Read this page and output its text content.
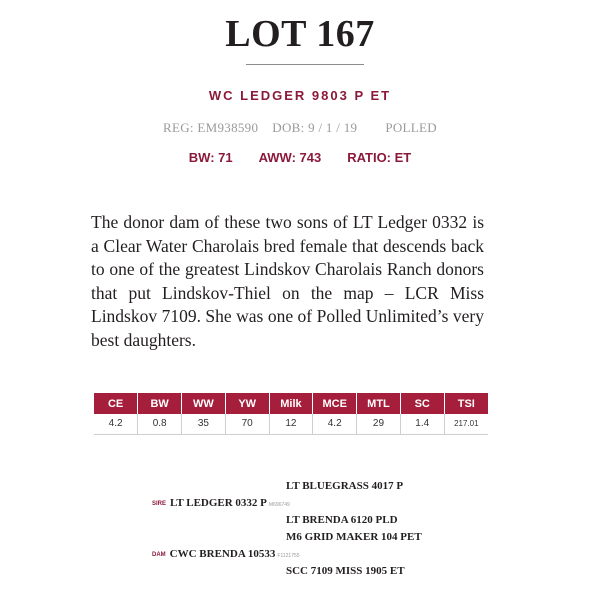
LOT 167
WC LEDGER 9803 P ET
REG: EM938590 DOB: 9 / 1 / 19 POLLED
BW: 71 AWW: 743 RATIO: ET
The donor dam of these two sons of LT Ledger 0332 is a Clear Water Charolais bred female that descends back to one of the greatest Lindskov Charolais Ranch donors that put Lindskov-Thiel on the map – LCR Miss Lindskov 7109. She was one of Polled Unlimited’s very best daughters.
CE	BW	WW	YW	Milk	MCE	MTL	SC	TSI
4.2	0.8	35	70	12	4.2	29	1.4	217.01
LT BLUEGRASS 4017 P
SIRE LT LEDGER 0332 P M696749
LT BRENDA 6120 PLD
M6 GRID MAKER 104 PET
DAM CWC BRENDA 10533 F1121755
SCC 7109 MISS 1905 ET
